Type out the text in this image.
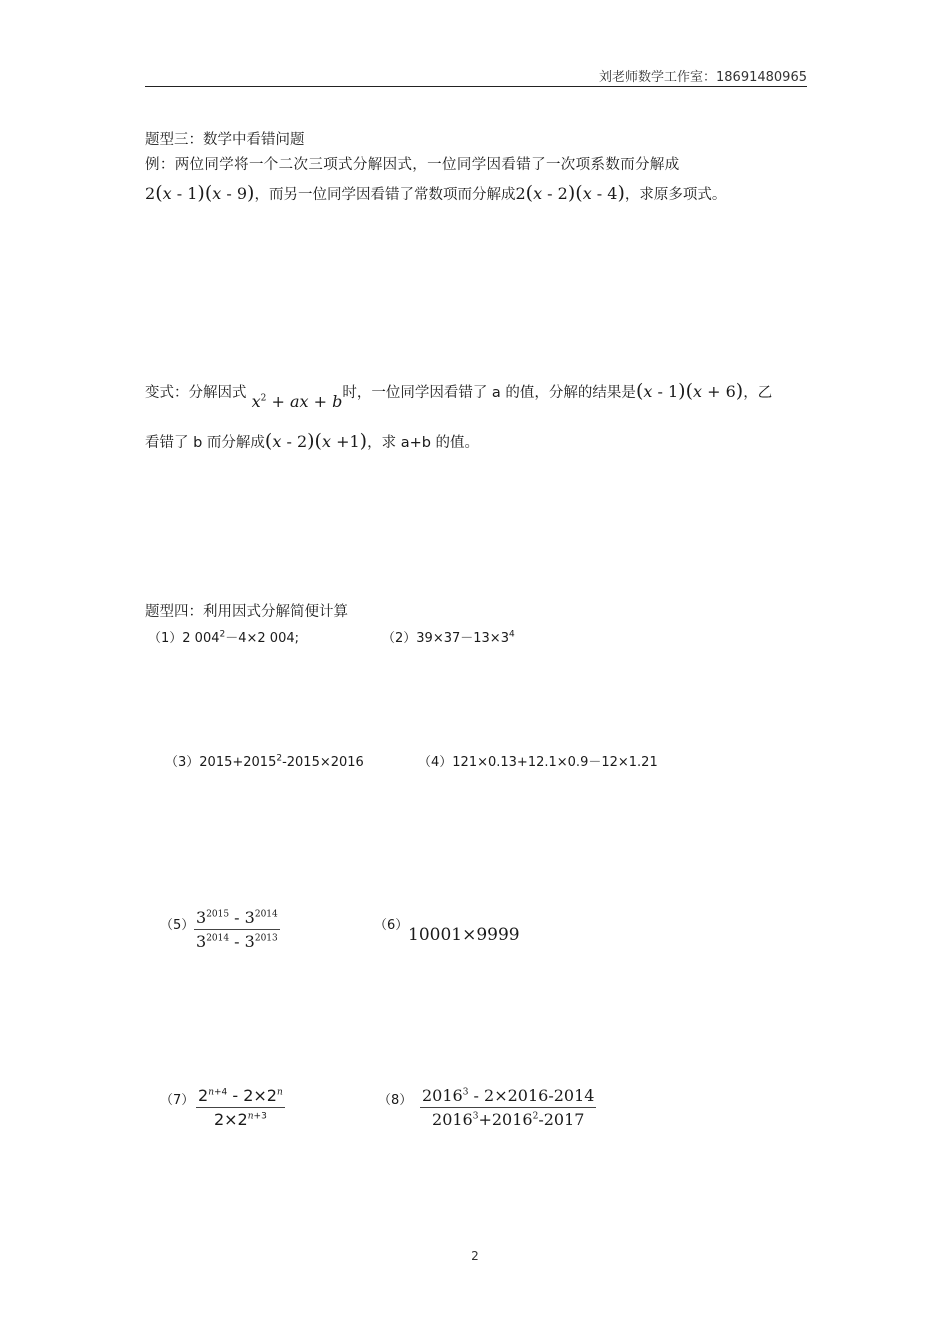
刘老师数学工作室：18691480965
题型三：数学中看错问题
例：两位同学将一个二次三项式分解因式，一位同学因看错了一次项系数而分解成
2(x - 1)(x - 9)，而另一位同学因看错了常数项而分解成2(x - 2)(x - 4)，求原多项式。
变式：分解因式 $x^2$ + ax + b时，一位同学因看错了 a 的值，分解的结果是(x - 1)(x + 6)，乙
看错了 b 而分解成(x - 2)(x +1)，求 a+b 的值。
题型四：利用因式分解简便计算
（1）2 $004^2-4\times 2$ 004;	$(2)39\times 37-13\times 3^4$
$(3)2015+2015^2-2015\times 2016$	（4）121×0.13+12.1×0.9－12×1.21
（5） $3^{2015} - 3^{2014}$
$3^{2014} - 3^{2013}$
（6） 10001×9999
（7） $2^{n+4} - 2\times 2^n$
$2\times 2^{n+3}$
（8） 2016$^3$ - 2×2016-2014
$2016^3+2016^2-2017$
2
